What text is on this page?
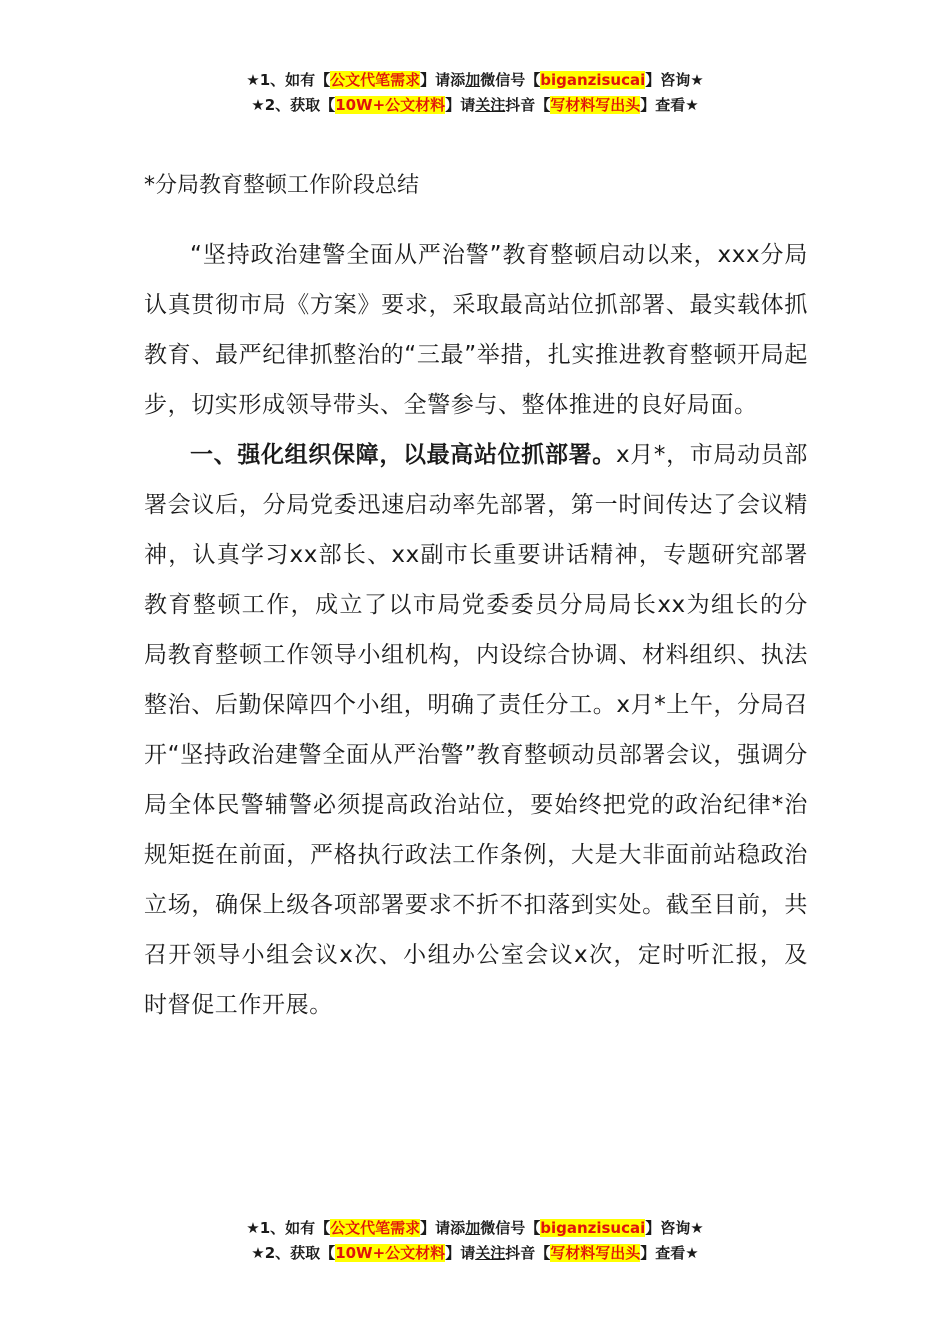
★1、如有【公文代笔需求】请添加微信号【biganzisucai】咨询★
★2、获取【10W+公文材料】请关注抖音【写材料写出头】查看★
*分局教育整顿工作阶段总结

“坚持政治建警全面从严治警”教育整顿启动以来，xxx分局认真贯彻市局《方案》要求，采取最高站位抓部署、最实载体抓教育、最严纪律抓整治的“三最”举措，扎实推进教育整顿开局起步，切实形成领导带头、全警参与、整体推进的良好局面。

一、强化组织保障，以最高站位抓部署。x月*，市局动员部署会议后，分局党委迅速启动率先部署，第一时间传达了会议精神，认真学习xx部长、xx副市长重要讲话精神，专题研究部署教育整顿工作，成立了以市局党委委员分局局长xx为组长的分局教育整顿工作领导小组机构，内设综合协调、材料组织、执法整治、后勤保障四个小组，明确了责任分工。x月*上午，分局召开“坚持政治建警全面从严治警”教育整顿动员部署会议，强调分局全体民警辅警必须提高政治站位，要始终把党的政治纪律*治规矩挺在前面，严格执行政法工作条例，大是大非面前站稳政治立场，确保上级各项部署要求不折不扣落到实处。截至目前，共召开领导小组会议x次、小组办公室会议x次，定时听汇报，及时督促工作开展。

★1、如有【公文代笔需求】请添加微信号【biganzisucai】咨询★
★2、获取【10W+公文材料】请关注抖音【写材料写出头】查看★
